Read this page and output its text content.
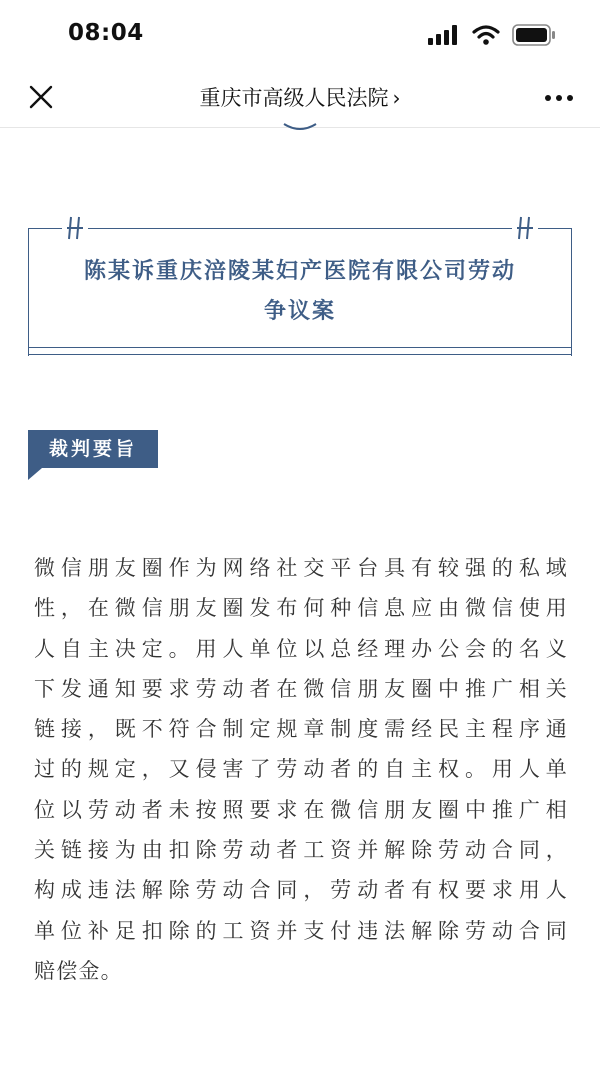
08:04
重庆市高级人民法院 ›
陈某诉重庆涪陵某妇产医院有限公司劳动
争议案
裁判要旨
微信朋友圈作为网络社交平台具有较强的私域
性，在微信朋友圈发布何种信息应由微信使用
人自主决定。用人单位以总经理办公会的名义
下发通知要求劳动者在微信朋友圈中推广相关
链接，既不符合制定规章制度需经民主程序通
过的规定，又侵害了劳动者的自主权。用人单
位以劳动者未按照要求在微信朋友圈中推广相
关链接为由扣除劳动者工资并解除劳动合同，
构成违法解除劳动合同，劳动者有权要求用人
单位补足扣除的工资并支付违法解除劳动合同
赔偿金。
